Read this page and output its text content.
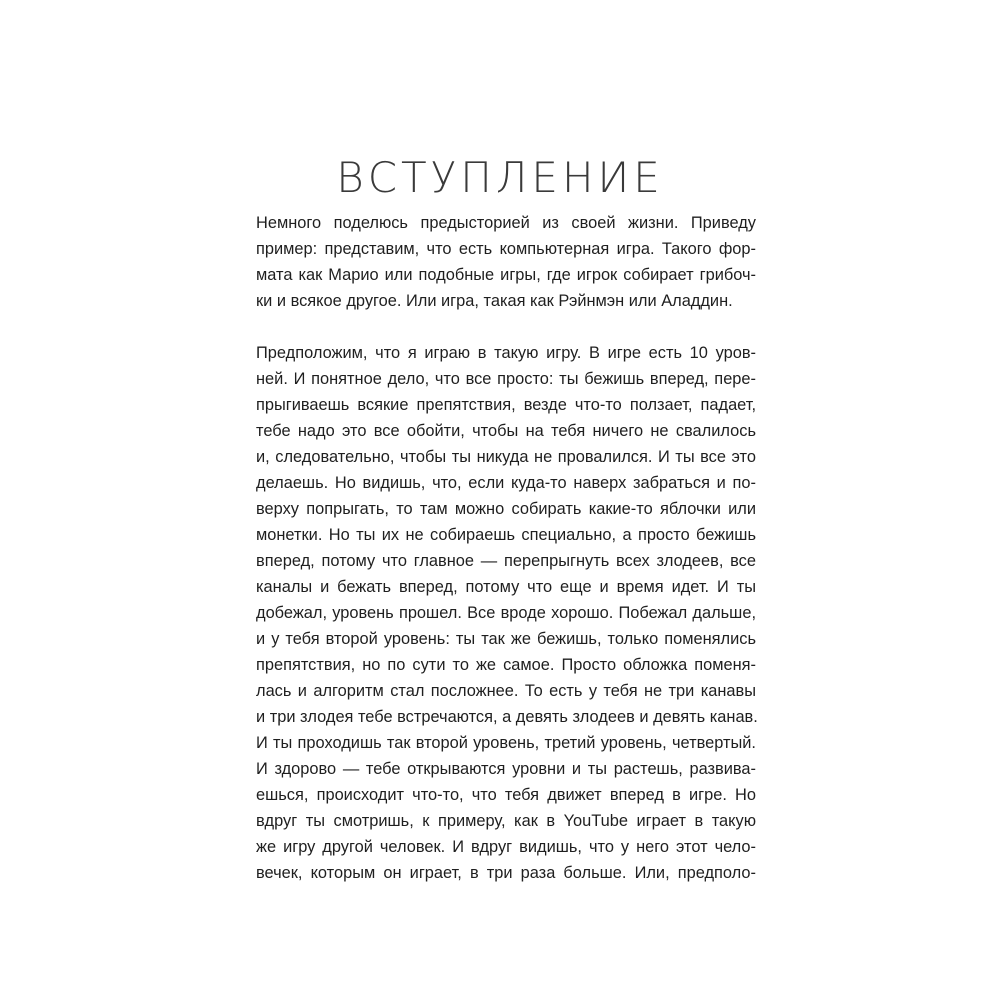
ВСТУПЛЕНИЕ

Немного поделюсь предысторией из своей жизни. Приведу
пример: представим, что есть компьютерная игра. Такого фор-
мата как Марио или подобные игры, где игрок собирает грибоч-
ки и всякое другое. Или игра, такая как Рэйнмэн или Аладдин.

Предположим, что я играю в такую игру. В игре есть 10 уров-
ней. И понятное дело, что все просто: ты бежишь вперед, пере-
прыгиваешь всякие препятствия, везде что-то ползает, падает,
тебе надо это все обойти, чтобы на тебя ничего не свалилось
и, следовательно, чтобы ты никуда не провалился. И ты все это
делаешь. Но видишь, что, если куда-то наверх забраться и по-
верху попрыгать, то там можно собирать какие-то яблочки или
монетки. Но ты их не собираешь специально, а просто бежишь
вперед, потому что главное — перепрыгнуть всех злодеев, все
каналы и бежать вперед, потому что еще и время идет. И ты
добежал, уровень прошел. Все вроде хорошо. Побежал дальше,
и у тебя второй уровень: ты так же бежишь, только поменялись
препятствия, но по сути то же самое. Просто обложка поменя-
лась и алгоритм стал посложнее. То есть у тебя не три канавы
и три злодея тебе встречаются, а девять злодеев и девять канав.
И ты проходишь так второй уровень, третий уровень, четвертый.
И здорово — тебе открываются уровни и ты растешь, развива-
ешься, происходит что-то, что тебя движет вперед в игре. Но
вдруг ты смотришь, к примеру, как в YouTube играет в такую
же игру другой человек. И вдруг видишь, что у него этот чело-
вечек, которым он играет, в три раза больше. Или, предполо-
